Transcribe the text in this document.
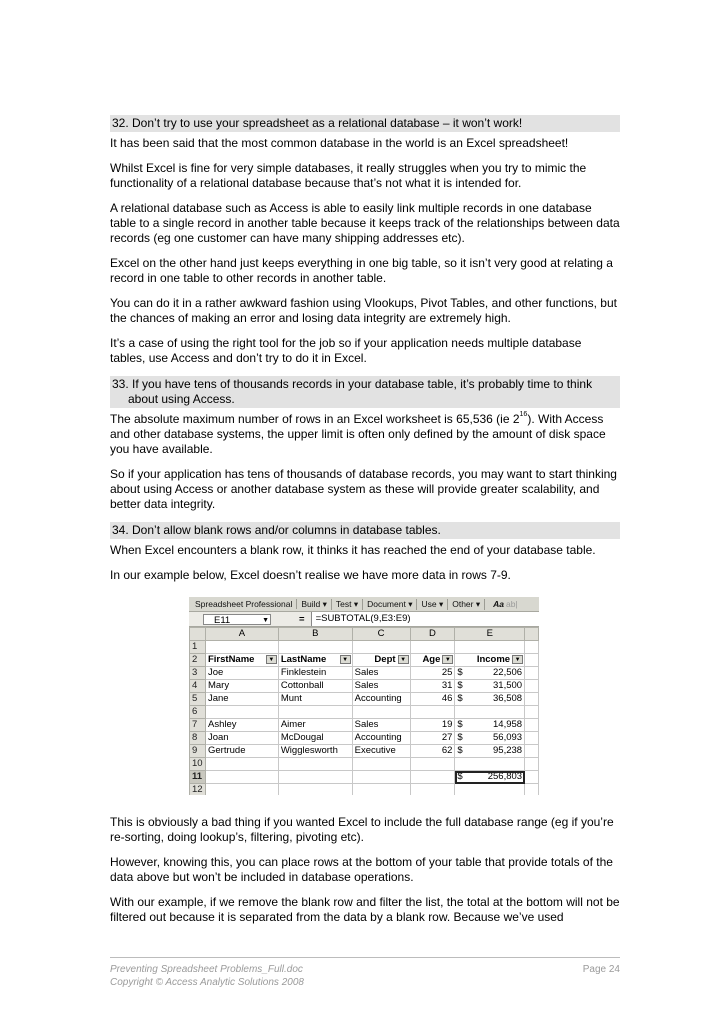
32. Don’t try to use your spreadsheet as a relational database – it won’t work!

It has been said that the most common database in the world is an Excel spreadsheet!

Whilst Excel is fine for very simple databases, it really struggles when you try to mimic the functionality of a relational database because that’s not what it is intended for.

A relational database such as Access is able to easily link multiple records in one database table to a single record in another table because it keeps track of the relationships between data records (eg one customer can have many shipping addresses etc).

Excel on the other hand just keeps everything in one big table, so it isn’t very good at relating a record in one table to other records in another table.

You can do it in a rather awkward fashion using Vlookups, Pivot Tables, and other functions, but the chances of making an error and losing data integrity are extremely high.

It’s a case of using the right tool for the job so if your application needs multiple database tables, use Access and don’t try to do it in Excel.

33. If you have tens of thousands records in your database table, it’s probably time to think
about using Access.

The absolute maximum number of rows in an Excel worksheet is 65,536 (ie $2^{16}$). With Access and other database systems, the upper limit is often only defined by the amount of disk space you have available.

So if your application has tens of thousands of database records, you may want to start thinking about using Access or another database system as these will provide greater scalability, and better data integrity.

34. Don’t allow blank rows and/or columns in database tables.

When Excel encounters a blank row, it thinks it has reached the end of your database table.

In our example below, Excel doesn’t realise we have more data in rows 7-9.

Spreadsheet Professional	Build ▾	Test ▾	Document ▾	Use ▾	Other ▾	Aa ab|
E11	▼	=	=SUBTOTAL(9,E3:E9)
	A	B	C	D	E	
1						
2	FirstName ▼	LastName ▼	Dept ▼	Age ▼	Income ▼	

3	Joe	Finklestein	Sales	25	$ 22,506	
4	Mary	Cottonball	Sales	31	$ 31,500	
5	Jane	Munt	Accounting	46	$ 36,508	
6						
7	Ashley	Aimer	Sales	19	$ 14,958	
8	Joan	McDougal	Accounting	27	$ 56,093	
9	Gertrude	Wigglesworth	Executive	62	$ 95,238	
10						
11					$ 256,803	
12						

This is obviously a bad thing if you wanted Excel to include the full database range (eg if you’re re-sorting, doing lookup’s, filtering, pivoting etc).

However, knowing this, you can place rows at the bottom of your table that provide totals of the data above but won’t be included in database operations.

With our example, if we remove the blank row and filter the list, the total at the bottom will not be filtered out because it is separated from the data by a blank row. Because we’ve used

Preventing Spreadsheet Problems_Full.doc	Page 24
Copyright © Access Analytic Solutions 2008
